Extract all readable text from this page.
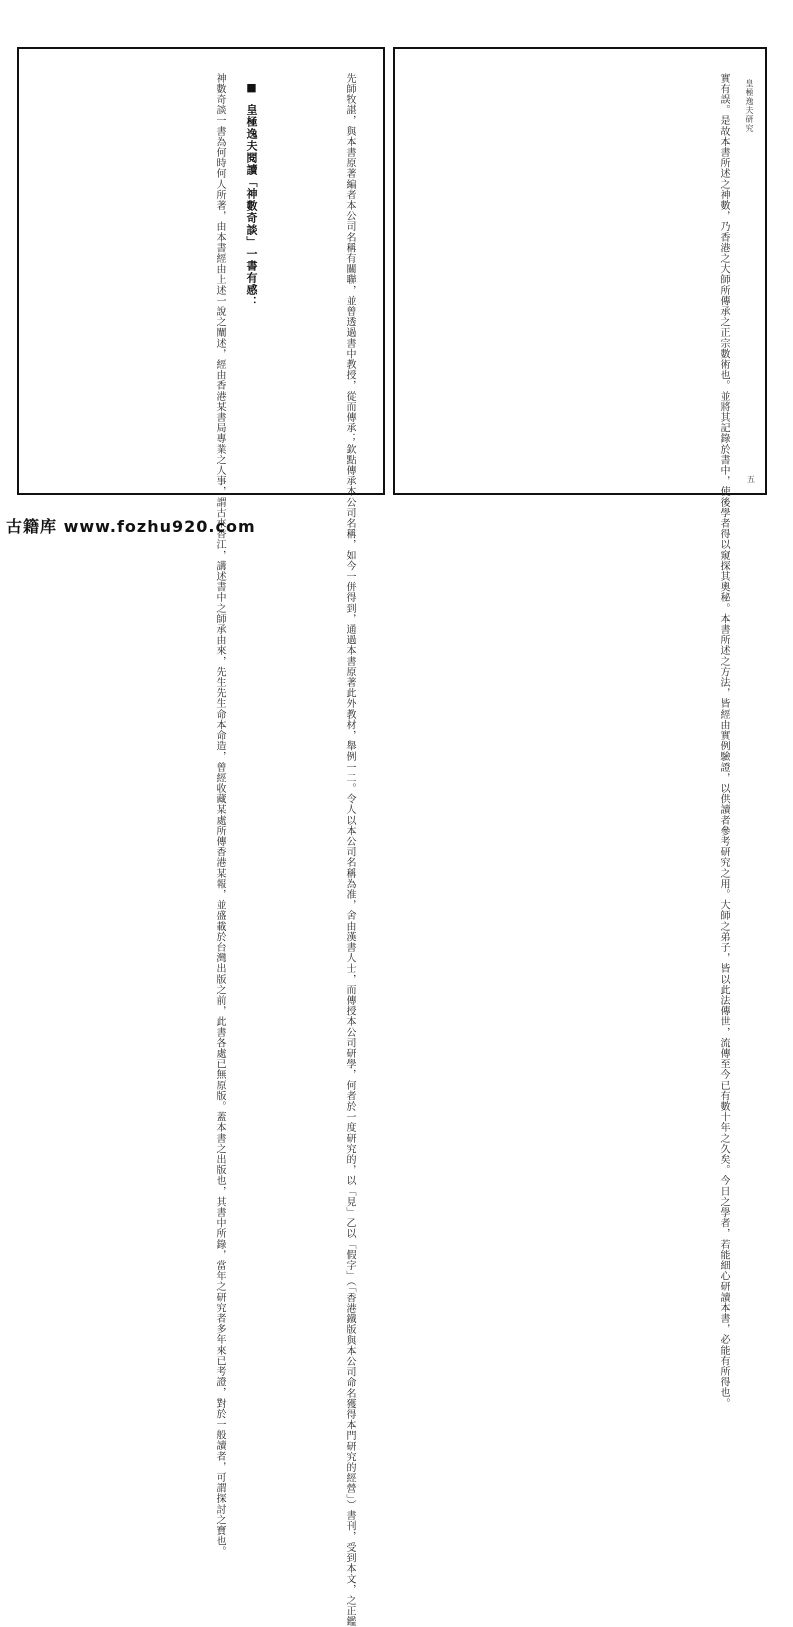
先師牧諶，與本書原著編者本公司名稱有關聯，並曾透過書中教授，從而傳承；欽點傳承本公司名稱，如今一併得到，通過本書原著此外教材，舉例一二。令人以本公司名稱為准，舍由漢書人士，而傳授本公司研學，何者於一度研究的，以「見」乙以「假字」（「香港鐵版與本公司命名獲得本門研究的經營」）書刊，受到本文，之正鑑
■ 皇極逸夫閱讀「神數奇談」一書有感：
神數奇談一書為何時何人所著，由本書經由上述一說之闡述，經由香港某書局專業之人事，謂古來香江，講述書中之師承由來，先生先生命本命造，曾經收藏某處所傳香港某報，並盛載於台灣出版之前，此書各處已無原版。蓋本書之出版也，其書中所錄，當年之研究者多年來已考證，對於一般讀者，可謂探討之寶也。	皇極逸夫研究
實有誤。是故本書所述之神數，乃香港之大師所傳承之正宗數術也。並將其記錄於書中，使後學者得以窺探其奧秘。本書所述之方法，皆經由實例驗證，以供讀者參考研究之用。大師之弟子，皆以此法傳世，流傳至今已有數十年之久矣。今日之學者，若能細心研讀本書，必能有所得也。 五
古籍库 www.fozhu920.com
